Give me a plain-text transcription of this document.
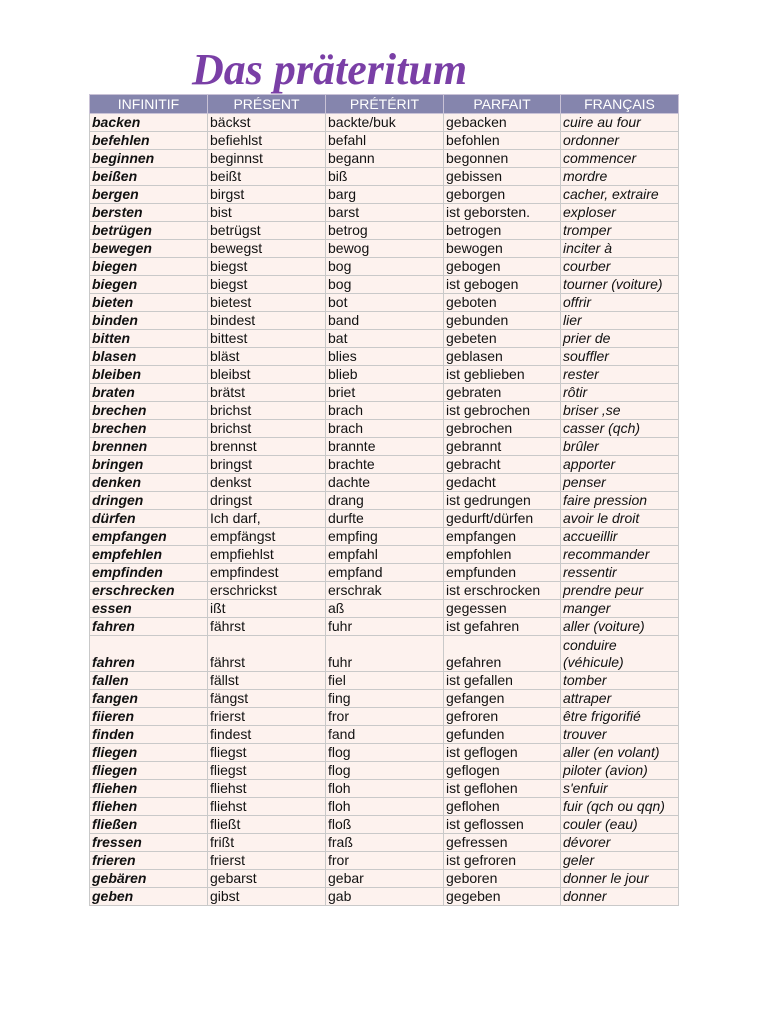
Das präteritum
INFINITIF	PRÉSENT	PRÉTÉRIT	PARFAIT	FRANÇAIS
backen	bäckst	backte/buk	gebacken	cuire au four
befehlen	befiehlst	befahl	befohlen	ordonner
beginnen	beginnst	begann	begonnen	commencer
beißen	beißt	biß	gebissen	mordre
bergen	birgst	barg	geborgen	cacher, extraire
bersten	bist	barst	ist geborsten.	exploser
betrügen	betrügst	betrog	betrogen	tromper
bewegen	bewegst	bewog	bewogen	inciter à
biegen	biegst	bog	gebogen	courber
biegen	biegst	bog	ist gebogen	tourner (voiture)
bieten	bietest	bot	geboten	offrir
binden	bindest	band	gebunden	lier
bitten	bittest	bat	gebeten	prier de
blasen	bläst	blies	geblasen	souffler
bleiben	bleibst	blieb	ist geblieben	rester
braten	brätst	briet	gebraten	rôtir
brechen	brichst	brach	ist gebrochen	briser ,se
brechen	brichst	brach	gebrochen	casser (qch)
brennen	brennst	brannte	gebrannt	brûler
bringen	bringst	brachte	gebracht	apporter
denken	denkst	dachte	gedacht	penser
dringen	dringst	drang	ist gedrungen	faire pression
dürfen	Ich darf,	durfte	gedurft/dürfen	avoir le droit
empfangen	empfängst	empfing	empfangen	accueillir
empfehlen	empfiehlst	empfahl	empfohlen	recommander
empfinden	empfindest	empfand	empfunden	ressentir
erschrecken	erschrickst	erschrak	ist erschrocken	prendre peur
essen	ißt	aß	gegessen	manger
fahren	fährst	fuhr	ist gefahren	aller (voiture)
fahren	fährst	fuhr	gefahren	conduire (véhicule)
fallen	fällst	fiel	ist gefallen	tomber
fangen	fängst	fing	gefangen	attraper
fiieren	frierst	fror	gefroren	être frigorifié
finden	findest	fand	gefunden	trouver
fliegen	fliegst	flog	ist geflogen	aller (en volant)
fliegen	fliegst	flog	geflogen	piloter (avion)
fliehen	fliehst	floh	ist geflohen	s'enfuir
fliehen	fliehst	floh	geflohen	fuir (qch ou qqn)
fließen	fließt	floß	ist geflossen	couler (eau)
fressen	frißt	fraß	gefressen	dévorer
frieren	frierst	fror	ist gefroren	geler
gebären	gebarst	gebar	geboren	donner le jour
geben	gibst	gab	gegeben	donner
